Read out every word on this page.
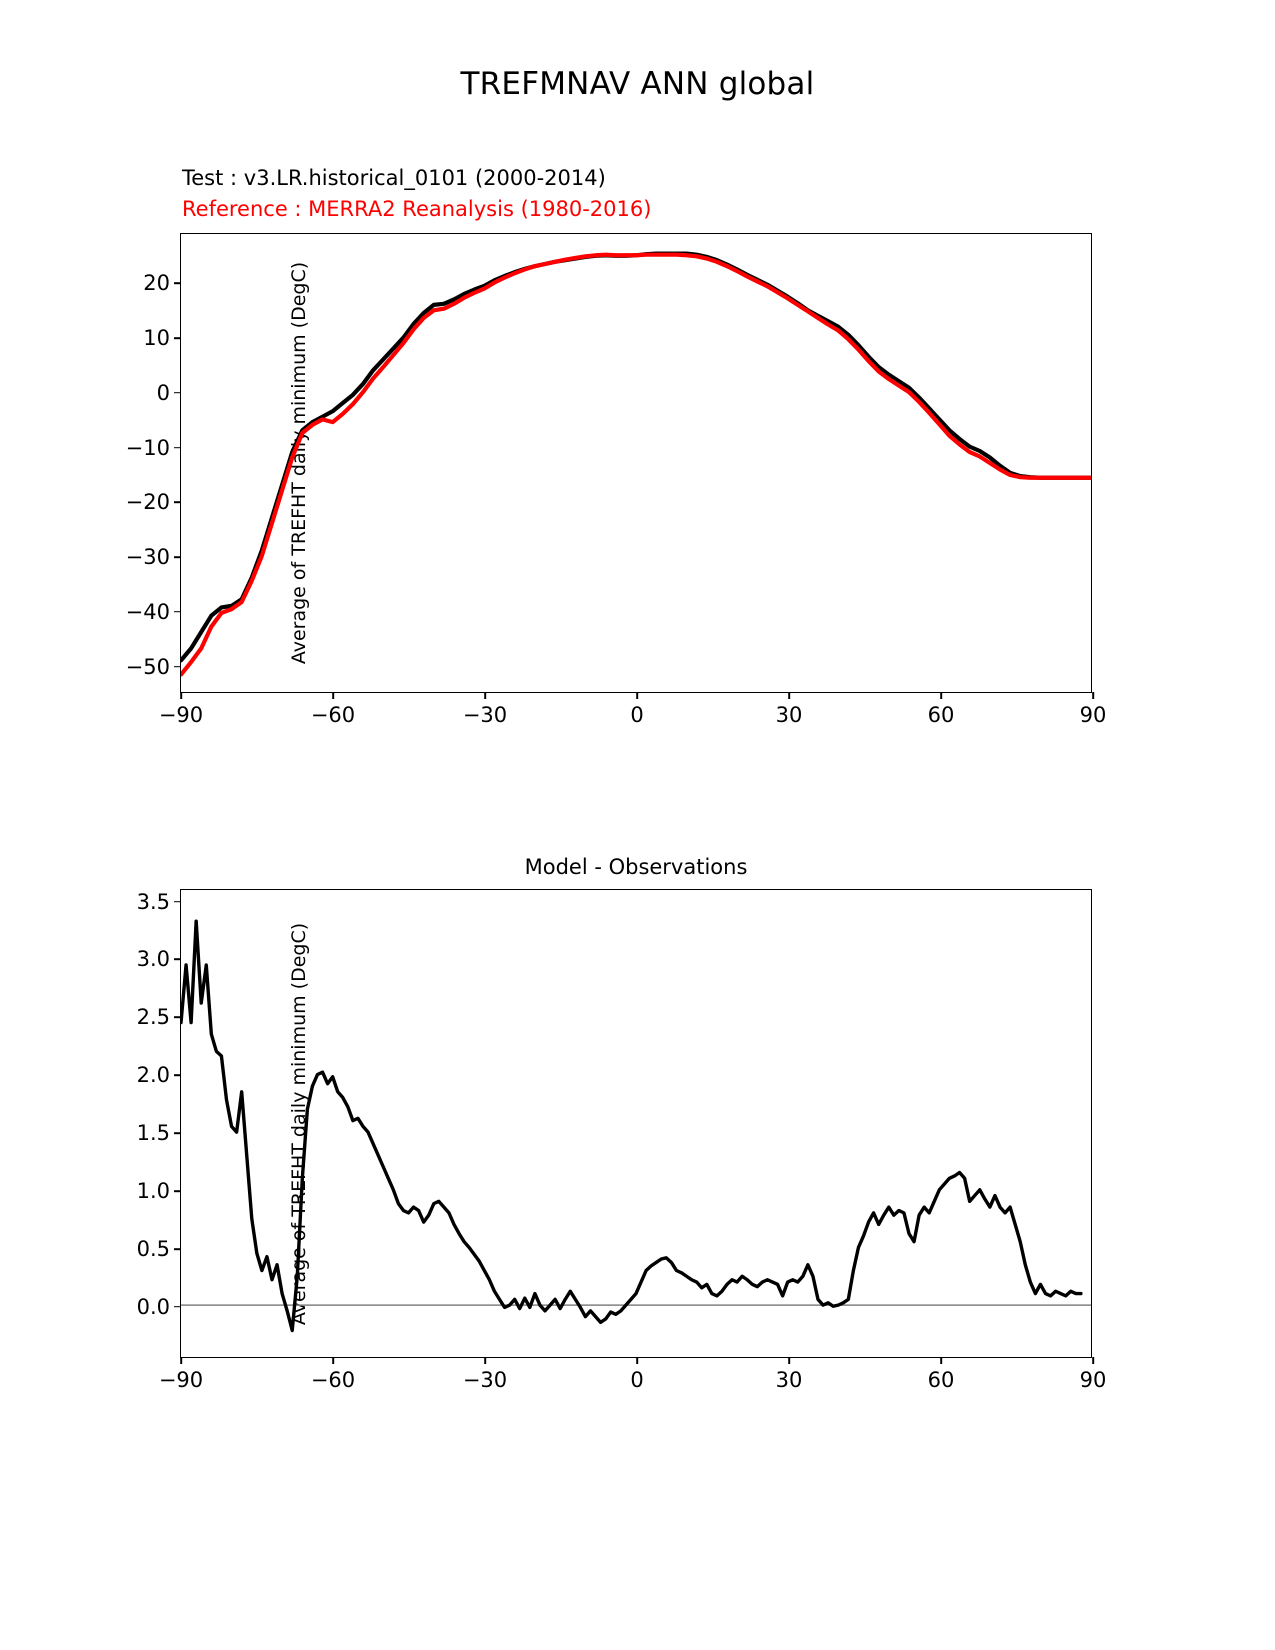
TREFMNAV ANN global
Test : v3.LR.historical_0101 (2000-2014)
Reference : MERRA2 Reanalysis (1980-2016)
Average of TREFHT daily minimum (DegC)
−50
−40
−30
−20
−10
0
10
20
−90	−60	−30	0	30	60	90
Model - Observations
Average of TREFHT daily minimum (DegC)
0.0
0.5
1.0
1.5
2.0
2.5
3.0
3.5
−90	−60	−30	0	30	60	90
